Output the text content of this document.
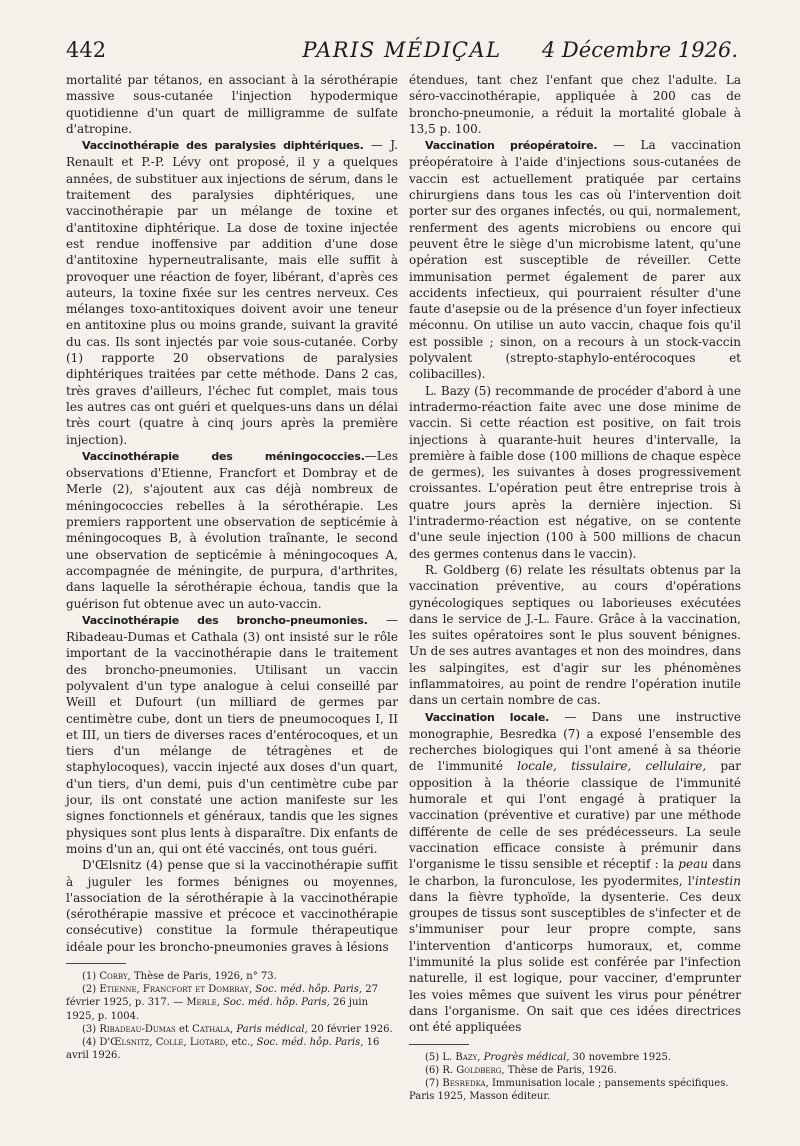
442	PARIS MÉDIÇAL	4 Décembre 1926.

mortalité par tétanos, en associant à la sérothérapie massive sous-cutanée l'injection hypodermique quotidienne d'un quart de milligramme de sulfate d'atropine.

Vaccinothérapie des paralysies diphtériques. — J. Renault et P.-P. Lévy ont proposé, il y a quelques années, de substituer aux injections de sérum, dans le traitement des paralysies diphtériques, une vaccinothérapie par un mélange de toxine et d'antitoxine diphtérique. La dose de toxine injectée est rendue inoffensive par addition d'une dose d'antitoxine hyperneutralisante, mais elle suffit à provoquer une réaction de foyer, libérant, d'après ces auteurs, la toxine fixée sur les centres nerveux. Ces mélanges toxo-antitoxiques doivent avoir une teneur en antitoxine plus ou moins grande, suivant la gravité du cas. Ils sont injectés par voie sous-cutanée. Corby (1) rapporte 20 observations de paralysies diphtériques traitées par cette méthode. Dans 2 cas, très graves d'ailleurs, l'échec fut complet, mais tous les autres cas ont guéri et quelques-uns dans un délai très court (quatre à cinq jours après la première injection).

Vaccinothérapie des méningococcies.—Les observations d'Etienne, Francfort et Dombray et de Merle (2), s'ajoutent aux cas déjà nombreux de méningococcies rebelles à la sérothérapie. Les premiers rapportent une observation de septicémie à méningocoques B, à évolution traînante, le second une observation de septicémie à méningocoques A, accompagnée de méningite, de purpura, d'arthrites, dans laquelle la sérothérapie échoua, tandis que la guérison fut obtenue avec un auto-vaccin.

Vaccinothérapie des broncho-pneumonies. — Ribadeau-Dumas et Cathala (3) ont insisté sur le rôle important de la vaccinothérapie dans le traitement des broncho-pneumonies. Utilisant un vaccin polyvalent d'un type analogue à celui conseillé par Weill et Dufourt (un milliard de germes par centimètre cube, dont un tiers de pneumocoques I, II et III, un tiers de diverses races d'entérocoques, et un tiers d'un mélange de tétragènes et de staphylocoques), vaccin injecté aux doses d'un quart, d'un tiers, d'un demi, puis d'un centimètre cube par jour, ils ont constaté une action manifeste sur les signes fonctionnels et généraux, tandis que les signes physiques sont plus lents à disparaître. Dix enfants de moins d'un an, qui ont été vaccinés, ont tous guéri.

D'Œlsnitz (4) pense que si la vaccinothérapie suffit à juguler les formes bénignes ou moyennes, l'association de la sérothérapie à la vaccinothérapie (sérothérapie massive et précoce et vaccinothérapie consécutive) constitue la formule thérapeutique idéale pour les broncho-pneumonies graves à lésions

(1) Corby, Thèse de Paris, 1926, n° 73.

(2) Etienne, Francfort et Dombray, Soc. méd. hôp. Paris, 27 février 1925, p. 317. — Merle, Soc. méd. hôp. Paris, 26 juin 1925, p. 1004.

(3) Ribadeau-Dumas et Cathala, Paris médical, 20 février 1926.

(4) D'Œlsnitz, Colle, Liotard, etc., Soc. méd. hôp. Paris, 16 avril 1926.

étendues, tant chez l'enfant que chez l'adulte. La séro-vaccinothérapie, appliquée à 200 cas de broncho-pneumonie, a réduit la mortalité globale à 13,5 p. 100.

Vaccination préopératoire. — La vaccination préopératoire à l'aide d'injections sous-cutanées de vaccin est actuellement pratiquée par certains chirurgiens dans tous les cas où l'intervention doit porter sur des organes infectés, ou qui, normalement, renferment des agents microbiens ou encore qui peuvent être le siège d'un microbisme latent, qu'une opération est susceptible de réveiller. Cette immunisation permet également de parer aux accidents infectieux, qui pourraient résulter d'une faute d'asepsie ou de la présence d'un foyer infectieux méconnu. On utilise un auto vaccin, chaque fois qu'il est possible ; sinon, on a recours à un stock-vaccin polyvalent (strepto-staphylo-entérocoques et colibacilles).

L. Bazy (5) recommande de procéder d'abord à une intradermo-réaction faite avec une dose minime de vaccin. Si cette réaction est positive, on fait trois injections à quarante-huit heures d'intervalle, la première à faible dose (100 millions de chaque espèce de germes), les suivantes à doses progressivement croissantes. L'opération peut être entreprise trois à quatre jours après la dernière injection. Si l'intradermo-réaction est négative, on se contente d'une seule injection (100 à 500 millions de chacun des germes contenus dans le vaccin).

R. Goldberg (6) relate les résultats obtenus par la vaccination préventive, au cours d'opérations gynécologiques septiques ou laborieuses exécutées dans le service de J.-L. Faure. Grâce à la vaccination, les suites opératoires sont le plus souvent bénignes. Un de ses autres avantages et non des moindres, dans les salpingites, est d'agir sur les phénomènes inflammatoires, au point de rendre l'opération inutile dans un certain nombre de cas.

Vaccination locale. — Dans une instructive monographie, Besredka (7) a exposé l'ensemble des recherches biologiques qui l'ont amené à sa théorie de l'immunité locale, tissulaire, cellulaire, par opposition à la théorie classique de l'immunité humorale et qui l'ont engagé à pratiquer la vaccination (préventive et curative) par une méthode différente de celle de ses prédécesseurs. La seule vaccination efficace consiste à prémunir dans l'organisme le tissu sensible et réceptif : la peau dans le charbon, la furonculose, les pyodermites, l'intestin dans la fièvre typhoïde, la dysenterie. Ces deux groupes de tissus sont susceptibles de s'infecter et de s'immuniser pour leur propre compte, sans l'intervention d'anticorps humoraux, et, comme l'immunité la plus solide est conférée par l'infection naturelle, il est logique, pour vacciner, d'emprunter les voies mêmes que suivent les virus pour pénétrer dans l'organisme. On sait que ces idées directrices ont été appliquées

(5) L. Bazy, Progrès médical, 30 novembre 1925.

(6) R. Goldberg, Thèse de Paris, 1926.

(7) Besredka, Immunisation locale ; pansements spécifiques. Paris 1925, Masson éditeur.
